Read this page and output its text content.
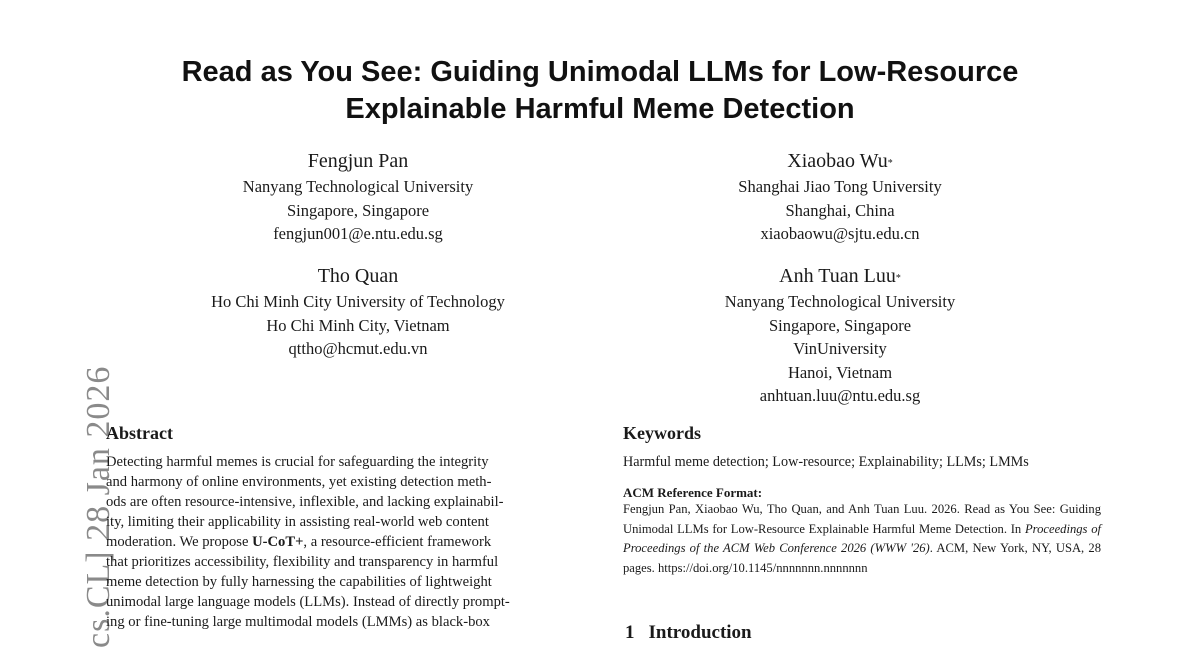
cs.CL] 28 Jan 2026
Read as You See: Guiding Unimodal LLMs for Low-Resource
Explainable Harmful Meme Detection
Fengjun Pan
Nanyang Technological University
Singapore, Singapore
fengjun001@e.ntu.edu.sg
Xiaobao Wu*
Shanghai Jiao Tong University
Shanghai, China
xiaobaowu@sjtu.edu.cn
Tho Quan
Ho Chi Minh City University of Technology
Ho Chi Minh City, Vietnam
qttho@hcmut.edu.vn
Anh Tuan Luu*
Nanyang Technological University
Singapore, Singapore
VinUniversity
Hanoi, Vietnam
anhtuan.luu@ntu.edu.sg
Abstract
Detecting harmful memes is crucial for safeguarding the integrity
and harmony of online environments, yet existing detection meth-
ods are often resource-intensive, inflexible, and lacking explainabil-
ity, limiting their applicability in assisting real-world web content
moderation. We propose U-CoT+, a resource-efficient framework
that prioritizes accessibility, flexibility and transparency in harmful
meme detection by fully harnessing the capabilities of lightweight
unimodal large language models (LLMs). Instead of directly prompt-
ing or fine-tuning large multimodal models (LMMs) as black-box
Keywords
Harmful meme detection; Low-resource; Explainability; LLMs; LMMs
ACM Reference Format:
Fengjun Pan, Xiaobao Wu, Tho Quan, and Anh Tuan Luu. 2026. Read as You See: Guiding Unimodal LLMs for Low-Resource Explainable Harmful Meme Detection. In Proceedings of Proceedings of the ACM Web Conference 2026 (WWW '26). ACM, New York, NY, USA, 28 pages. https://doi.org/10.1145/nnnnnnn.nnnnnnn
1 Introduction
